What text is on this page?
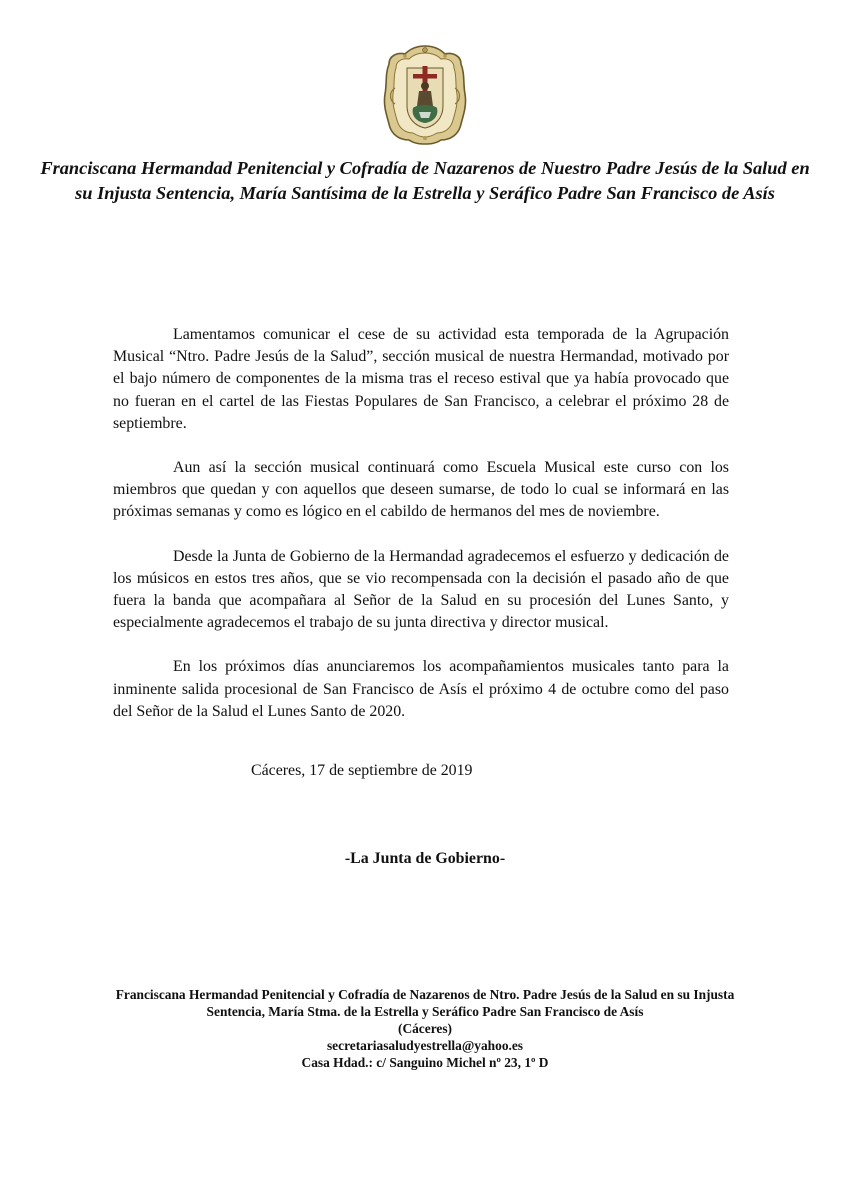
Franciscana Hermandad Penitencial y Cofradía de Nazarenos de Nuestro Padre Jesús de la Salud en su Injusta Sentencia, María Santísima de la Estrella y Seráfico Padre San Francisco de Asís

Lamentamos comunicar el cese de su actividad esta temporada de la Agrupación Musical “Ntro. Padre Jesús de la Salud”, sección musical de nuestra Hermandad, motivado por el bajo número de componentes de la misma tras el receso estival que ya había provocado que no fueran en el cartel de las Fiestas Populares de San Francisco, a celebrar el próximo 28 de septiembre.

Aun así la sección musical continuará como Escuela Musical este curso con los miembros que quedan y con aquellos que deseen sumarse, de todo lo cual se informará en las próximas semanas y como es lógico en el cabildo de hermanos del mes de noviembre.

Desde la Junta de Gobierno de la Hermandad agradecemos el esfuerzo y dedicación de los músicos en estos tres años, que se vio recompensada con la decisión el pasado año de que fuera la banda que acompañara al Señor de la Salud en su procesión del Lunes Santo, y especialmente agradecemos el trabajo de su junta directiva y director musical.

En los próximos días anunciaremos los acompañamientos musicales tanto para la inminente salida procesional de San Francisco de Asís el próximo 4 de octubre como del paso del Señor de la Salud el Lunes Santo de 2020.

Cáceres, 17 de septiembre de 2019

-La Junta de Gobierno-

Franciscana Hermandad Penitencial y Cofradía de Nazarenos de Ntro. Padre Jesús de la Salud en su Injusta Sentencia, María Stma. de la Estrella y Seráfico Padre San Francisco de Asís
(Cáceres)
secretariasaludyestrella@yahoo.es
Casa Hdad.: c/ Sanguino Michel nº 23, 1º D
